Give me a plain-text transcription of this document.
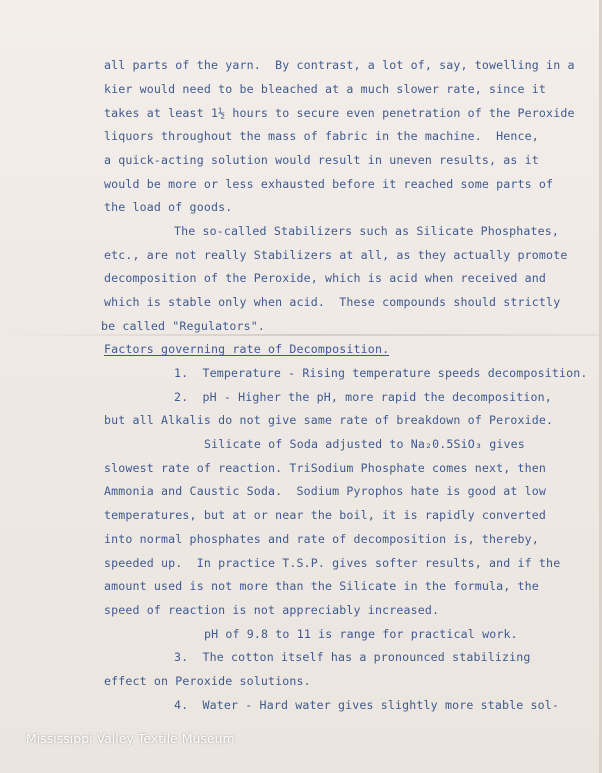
all parts of the yarn.  By contrast, a lot of, say, towelling in a
kier would need to be bleached at a much slower rate, since it
takes at least 1½ hours to secure even penetration of the Peroxide
liquors throughout the mass of fabric in the machine.  Hence,
a quick-acting solution would result in uneven results, as it
would be more or less exhausted before it reached some parts of
the load of goods.
The so-called Stabilizers such as Silicate Phosphates,
etc., are not really Stabilizers at all, as they actually promote
decomposition of the Peroxide, which is acid when received and
which is stable only when acid.  These compounds should strictly
be called "Regulators".
Factors governing rate of Decomposition.
1.  Temperature - Rising temperature speeds decomposition.
2.  pH - Higher the pH, more rapid the decomposition,
but all Alkalis do not give same rate of breakdown of Peroxide.
Silicate of Soda adjusted to Na₂0.5SiO₃ gives
slowest rate of reaction. TriSodium Phosphate comes next, then
Ammonia and Caustic Soda.  Sodium Pyrophos hate is good at low
temperatures, but at or near the boil, it is rapidly converted
into normal phosphates and rate of decomposition is, thereby,
speeded up.  In practice T.S.P. gives softer results, and if the
amount used is not more than the Silicate in the formula, the
speed of reaction is not appreciably increased.
pH of 9.8 to 11 is range for practical work.
3.  The cotton itself has a pronounced stabilizing
effect on Peroxide solutions.
4.  Water - Hard water gives slightly more stable sol-
Mississippi Valley Textile Museum
